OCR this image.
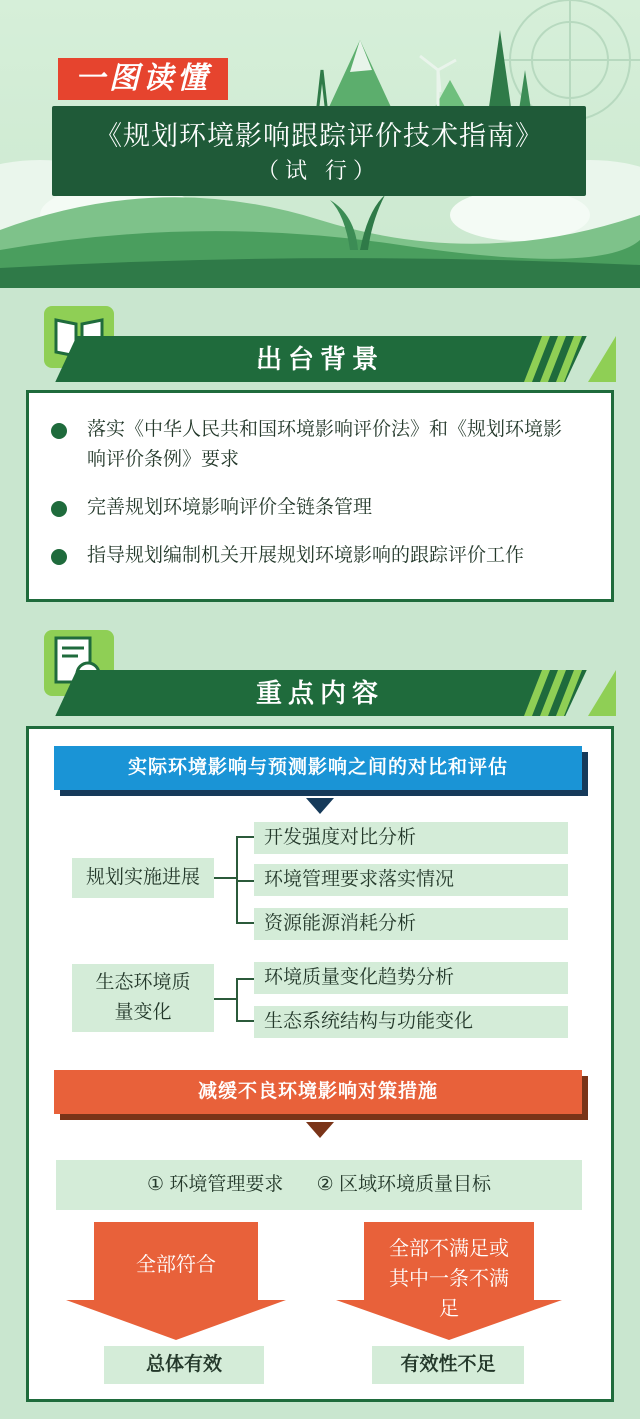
一图读懂
《规划环境影响跟踪评价技术指南》
（试 行）
出台背景
落实《中华人民共和国环境影响评价法》和《规划环境影响评价条例》要求
完善规划环境影响评价全链条管理
指导规划编制机关开展规划环境影响的跟踪评价工作
重点内容
实际环境影响与预测影响之间的对比和评估
规划实施进展
开发强度对比分析
环境管理要求落实情况
资源能源消耗分析
生态环境质量变化
环境质量变化趋势分析
生态系统结构与功能变化
减缓不良环境影响对策措施
① 环境管理要求 ② 区域环境质量目标
全部符合
总体有效
全部不满足或其中一条不满足
有效性不足
